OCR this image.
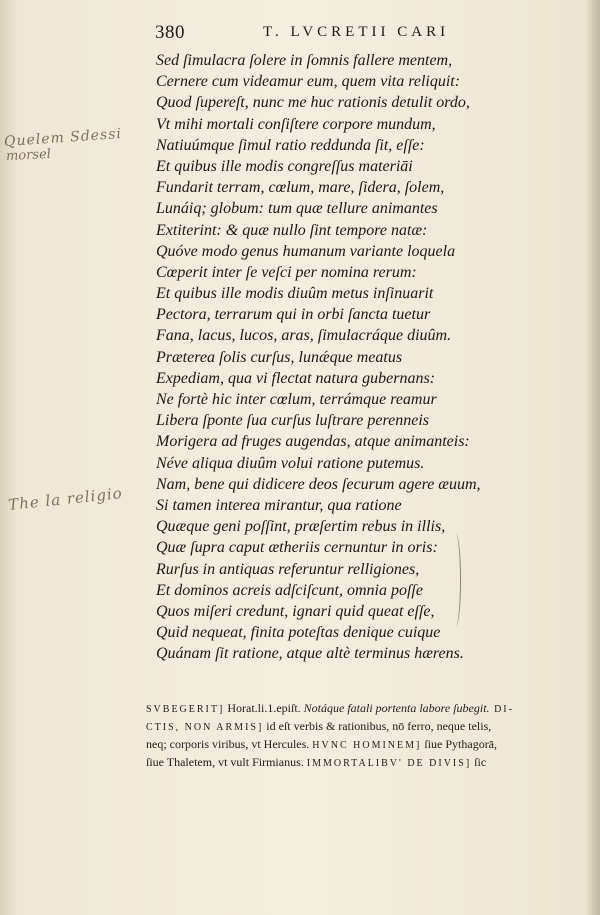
380	T. LVCRETII CARI
Sed ſimulacra ſolere in ſomnis fallere mentem,
Cernere cum videamur eum, quem vita reliquit:
Quod ſupereſt, nunc me huc rationis detulit ordo,
Vt mihi mortali conſiſtere corpore mundum,
Natiuúmque ſimul ratio reddunda ſit, eſſe:
Et quibus ille modis congreſſus materiāi
Fundarit terram, cœlum, mare, ſidera, ſolem,
Lunáiq; globum: tum quæ tellure animantes
Extiterint: & quæ nullo ſint tempore natæ:
Quóve modo genus humanum variante loquela
Cœperit inter ſe veſci per nomina rerum:
Et quibus ille modis diuûm metus inſinuarit
Pectora, terrarum qui in orbi ſancta tuetur
Fana, lacus, lucos, aras, ſimulacráque diuûm.
Præterea ſolis curſus, lunǽque meatus
Expediam, qua vi flectat natura gubernans:
Ne fortè hic inter cœlum, terrámque reamur
Libera ſponte ſua curſus luſtrare perenneis
Morigera ad fruges augendas, atque animanteis:
Néve aliqua diuûm volui ratione putemus.
Nam, bene qui didicere deos ſecurum agere æuum,
Si tamen interea mirantur, qua ratione
Quæque geni poſſint, præſertim rebus in illis,
Quæ ſupra caput ætheriis cernuntur in oris:
Rurſus in antiquas referuntur relligiones,
Et dominos acreis adſciſcunt, omnia poſſe
Quos miſeri credunt, ignari quid queat eſſe,
Quid nequeat, finita poteſtas denique cuique
Quánam ſit ratione, atque altè terminus hærens.
Quelem Sdessi
morsel
The la religio
SVBEGERIT] Horat.li.1.epiſt. Notáque fatali portenta labore ſubegit. DI-
CTIS, NON ARMIS] id eſt verbis & rationibus, nō ferro, neque telis,
neq; corporis viribus, vt Hercules. HVNC HOMINEM] ſiue Pythagorā,
ſiue Thaletem, vt vult Firmianus. IMMORTALIBV' DE DIVIS] ſic
